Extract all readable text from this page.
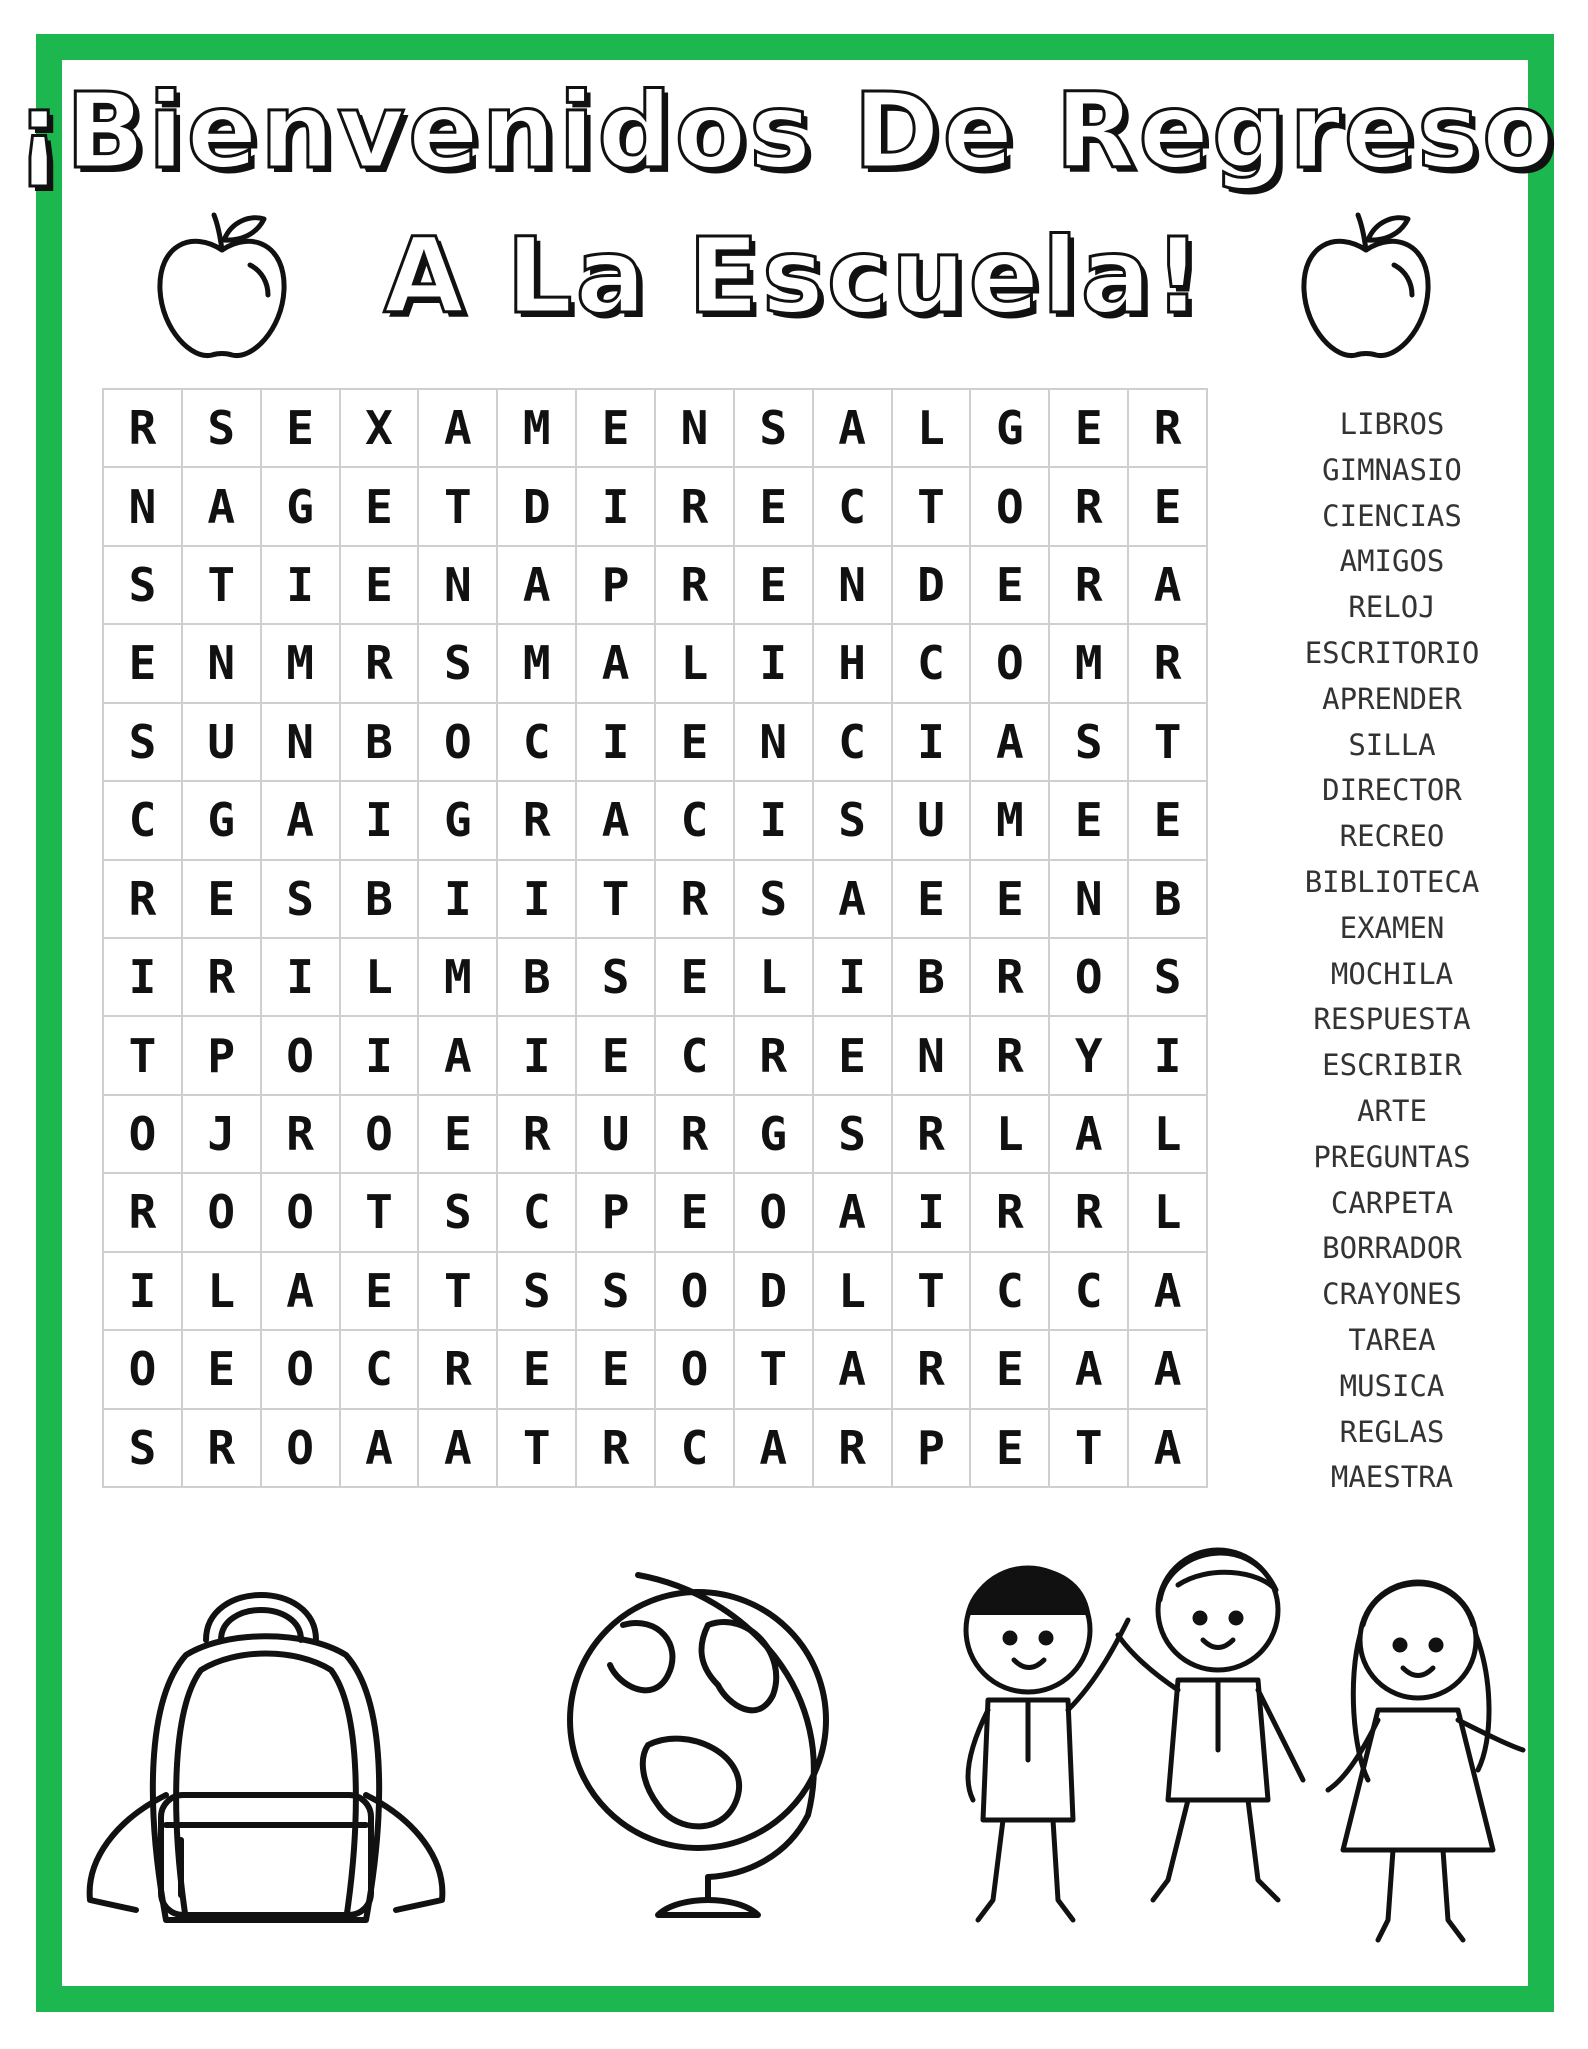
¡Bienvenidos De Regreso
A La Escuela!
R	S	E	X	A	M	E	N	S	A	L	G	E	R
N	A	G	E	T	D	I	R	E	C	T	O	R	E
S	T	I	E	N	A	P	R	E	N	D	E	R	A
E	N	M	R	S	M	A	L	I	H	C	O	M	R
S	U	N	B	O	C	I	E	N	C	I	A	S	T
C	G	A	I	G	R	A	C	I	S	U	M	E	E
R	E	S	B	I	I	T	R	S	A	E	E	N	B
I	R	I	L	M	B	S	E	L	I	B	R	O	S
T	P	O	I	A	I	E	C	R	E	N	R	Y	I
O	J	R	O	E	R	U	R	G	S	R	L	A	L
R	O	O	T	S	C	P	E	O	A	I	R	R	L
I	L	A	E	T	S	S	O	D	L	T	C	C	A
O	E	O	C	R	E	E	O	T	A	R	E	A	A
S	R	O	A	A	T	R	C	A	R	P	E	T	A
LIBROS
GIMNASIO
CIENCIAS
AMIGOS
RELOJ
ESCRITORIO
APRENDER
SILLA
DIRECTOR
RECREO
BIBLIOTECA
EXAMEN
MOCHILA
RESPUESTA
ESCRIBIR
ARTE
PREGUNTAS
CARPETA
BORRADOR
CRAYONES
TAREA
MUSICA
REGLAS
MAESTRA
